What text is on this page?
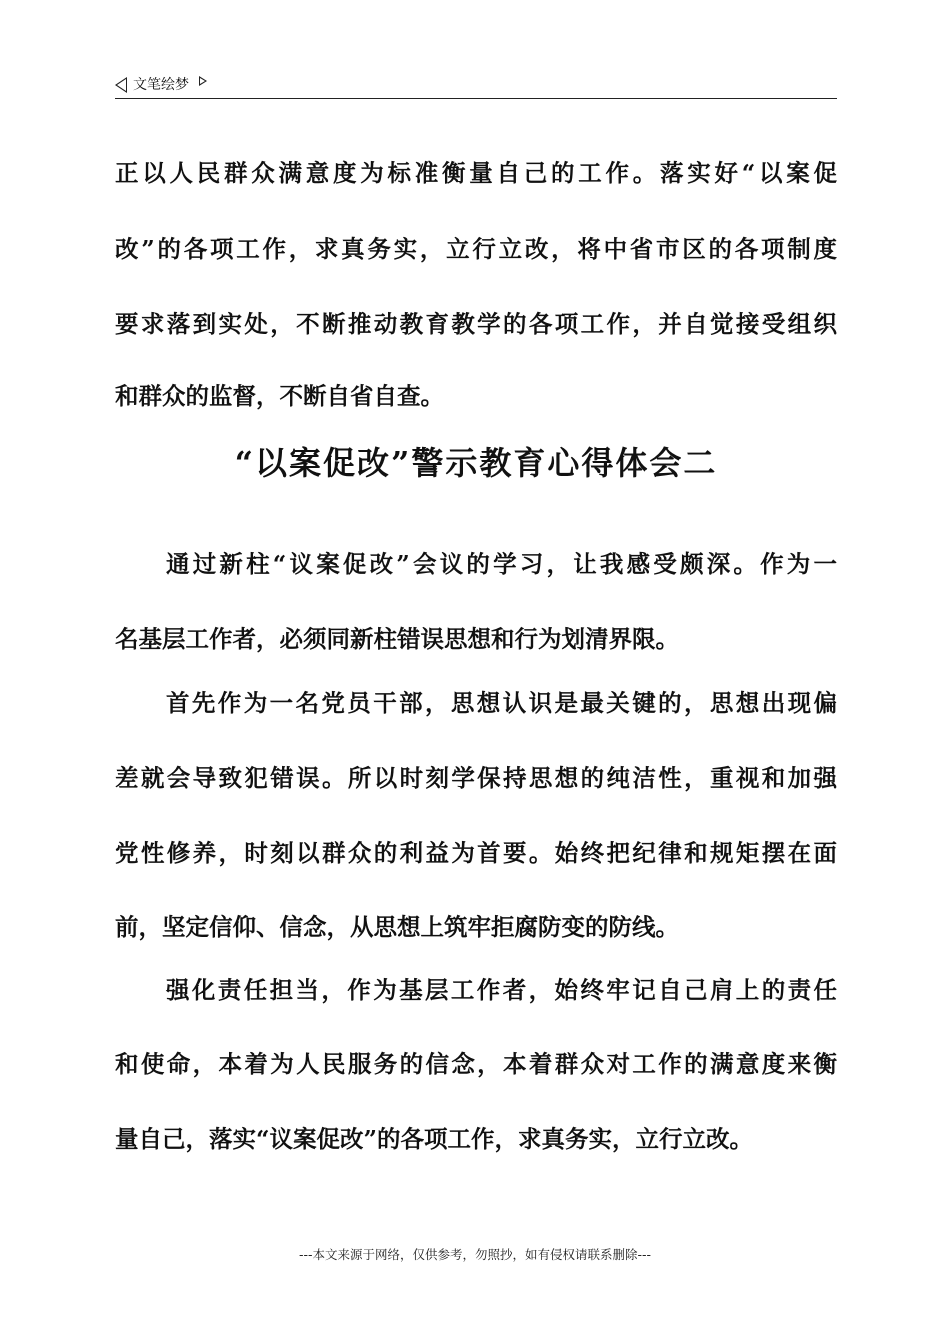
文笔绘梦
正以人民群众满意度为标准衡量自己的工作。落实好“以案促
改”的各项工作，求真务实，立行立改，将中省市区的各项制度
要求落到实处，不断推动教育教学的各项工作，并自觉接受组织
和群众的监督，不断自省自查。
“以案促改”警示教育心得体会二
通过新柱“议案促改”会议的学习，让我感受颇深。作为一
名基层工作者，必须同新柱错误思想和行为划清界限。
首先作为一名党员干部，思想认识是最关键的，思想出现偏
差就会导致犯错误。所以时刻学保持思想的纯洁性，重视和加强
党性修养，时刻以群众的利益为首要。始终把纪律和规矩摆在面
前，坚定信仰、信念，从思想上筑牢拒腐防变的防线。
强化责任担当，作为基层工作者，始终牢记自己肩上的责任
和使命，本着为人民服务的信念，本着群众对工作的满意度来衡
量自己，落实“议案促改”的各项工作，求真务实，立行立改。
---本文来源于网络，仅供参考，勿照抄，如有侵权请联系删除---
